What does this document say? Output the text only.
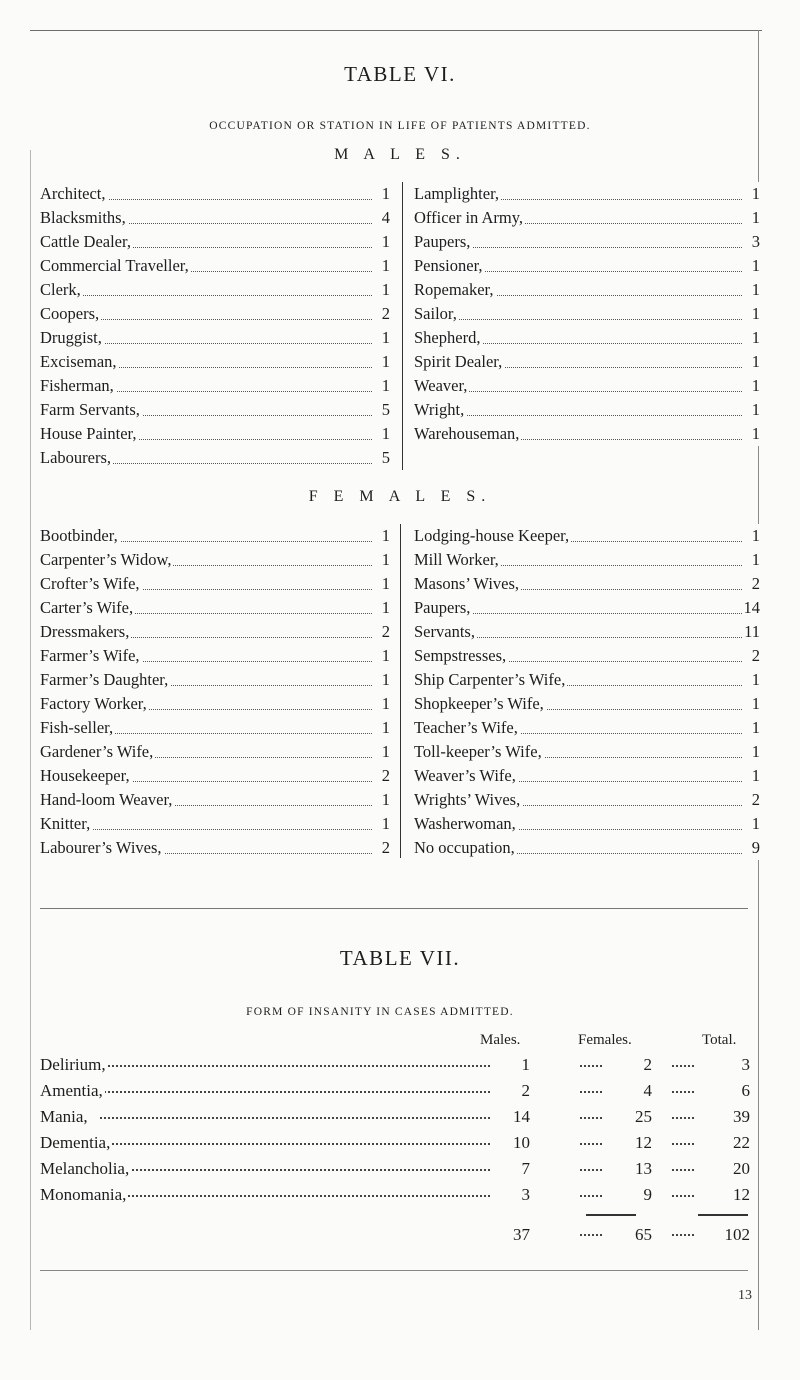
TABLE VI.
OCCUPATION OR STATION IN LIFE OF PATIENTS ADMITTED.
M A L E S.
Architect,	1
Blacksmiths,	4
Cattle Dealer,	1
Commercial Traveller,	1
Clerk,	1
Coopers,	2
Druggist,	1
Exciseman,	1
Fisherman,	1
Farm Servants,	5
House Painter,	1
Labourers,	5
Lamplighter,	1
Officer in Army,	1
Paupers,	3
Pensioner,	1
Ropemaker,	1
Sailor,	1
Shepherd,	1
Spirit Dealer,	1
Weaver,	1
Wright,	1
Warehouseman,	1
F E M A L E S.
Bootbinder,	1
Carpenter’s Widow,	1
Crofter’s Wife,	1
Carter’s Wife,	1
Dressmakers,	2
Farmer’s Wife,	1
Farmer’s Daughter,	1
Factory Worker,	1
Fish-seller,	1
Gardener’s Wife,	1
Housekeeper,	2
Hand-loom Weaver,	1
Knitter,	1
Labourer’s Wives,	2
Lodging-house Keeper,	1
Mill Worker,	1
Masons’ Wives,	2
Paupers,	14
Servants,	11
Sempstresses,	2
Ship Carpenter’s Wife,	1
Shopkeeper’s Wife,	1
Teacher’s Wife,	1
Toll-keeper’s Wife,	1
Weaver’s Wife,	1
Wrights’ Wives,	2
Washerwoman,	1
No occupation,	9
TABLE VII.
FORM OF INSANITY IN CASES ADMITTED.
Males.	Females.	Total.
Delirium,	1	2	3
Amentia,	2	4	6
Mania,	14	25	39
Dementia,	10	12	22
Melancholia,	7	13	20
Monomania,	3	9	12
37	65	102
13
